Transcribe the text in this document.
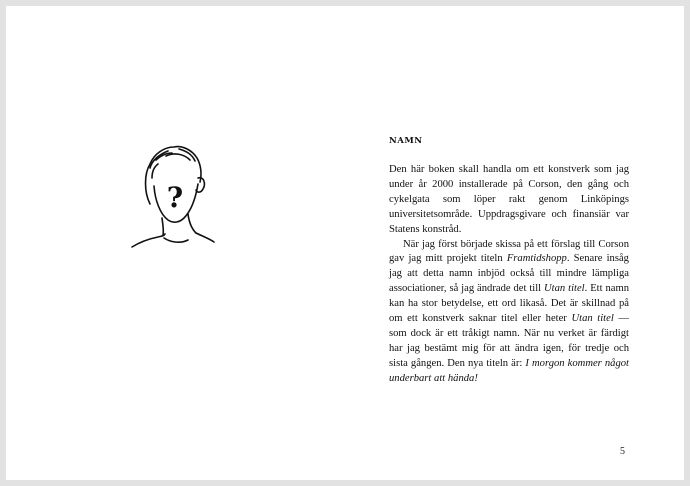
?
NAMN

Den här boken skall handla om ett konstverk som jag under år 2000 installerade på Corson, den gång och cykelgata som löper rakt genom Linköpings universitetsområde. Uppdragsgivare och finansiär var Statens konstråd.

När jag först började skissa på ett förslag till Corson gav jag mitt projekt titeln Framtidshopp. Senare insåg jag att detta namn inbjöd också till mindre lämpliga associationer, så jag ändrade det till Utan titel. Ett namn kan ha stor betydelse, ett ord likaså. Det är skillnad på om ett konstverk saknar titel eller heter Utan titel — som dock är ett tråkigt namn. När nu verket är färdigt har jag bestämt mig för att ändra igen, för tredje och sista gången. Den nya titeln är: I morgon kommer något underbart att hända!

5
